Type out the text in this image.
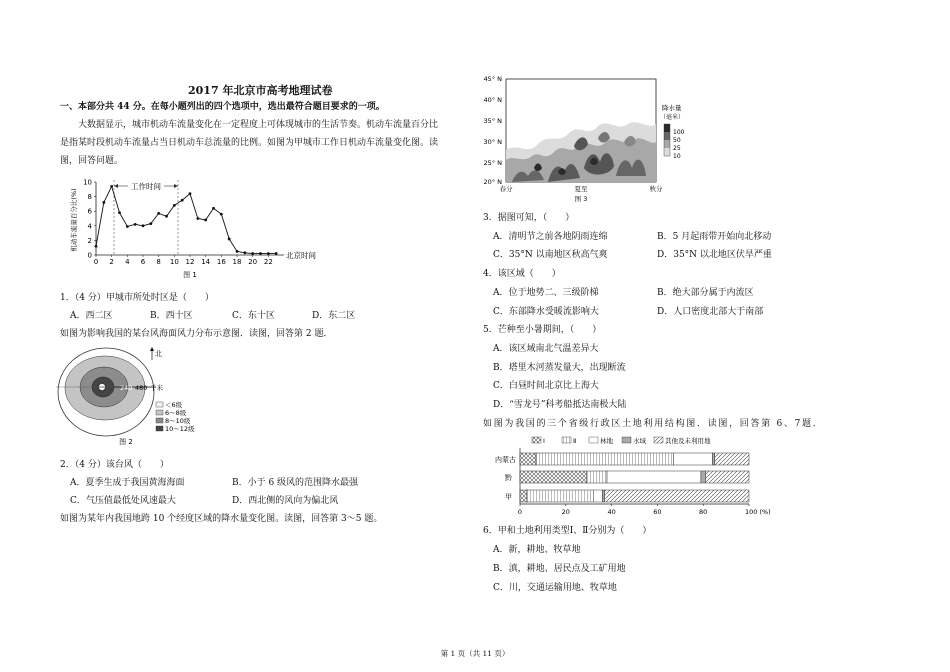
2017 年北京市高考地理试卷
一、本部分共 44 分。在每小题列出的四个选项中，选出最符合题目要求的一项。
大数据显示，城市机动车流量变化在一定程度上可体现城市的生活节奏。机动车流量百分比
是指某时段机动车流量占当日机动车总流量的比例。如图为甲城市工作日机动车流量变化图。读
图，回答问题。
机动车流量百分比(%)
北京时间
图 1
工作时间
0
2
4
6
8
10
0 2 4 6 8 10 12 14 16 18 20 22
1．（4 分）甲城市所处时区是（　　）
A．西二区	B．西十区	C．东十区	D．东二区
如图为影响我国的某台风海面风力分布示意图．读图，回答第 2 题．
240 480 千米
北
＜6级
6～8级
8～10级
10～12级
图 2
2．（4 分）该台风（　　）
A．夏季生成于我国黄海海面	B．小于 6 级风的范围降水最强
C．气压值最低处风速最大	D．西北侧的风向为偏北风
如图为某年内我国地跨 10 个经度区域的降水量变化图。读图，回答第 3～5 题。
45° N
40° N
35° N
30° N
25° N
20° N
春分	夏至	秋分
图 3
降水量
（毫米）
100
50
25
10
3．据图可知，（　　）
A．清明节之前各地阴雨连绵	B．5 月起雨带开始向北移动
C．35°N 以南地区秋高气爽	D．35°N 以北地区伏旱严重
4．该区域（　　）
A．位于地势二、三级阶梯	B．绝大部分属于内流区
C．东部降水受暖流影响大	D．人口密度北部大于南部
5．芒种至小暑期间，（　　）
A．该区域南北气温差异大
B．塔里木河蒸发量大，出现断流
C．白昼时间北京比上海大
D．“雪龙号”科考船抵达南极大陆
如图为我国的三个省级行政区土地利用结构图．读图，回答第 6、7题．
Ⅰ	Ⅱ	林地	水域	其他及未利用地
内蒙古
黔
甲
0	20	40	60	80	100 (%)
6．甲和土地利用类型Ⅰ、Ⅱ分别为（　　）
A．新，耕地、牧草地
B．滇，耕地、居民点及工矿用地
C．川，交通运输用地、牧草地
第 1 页（共 11 页）
